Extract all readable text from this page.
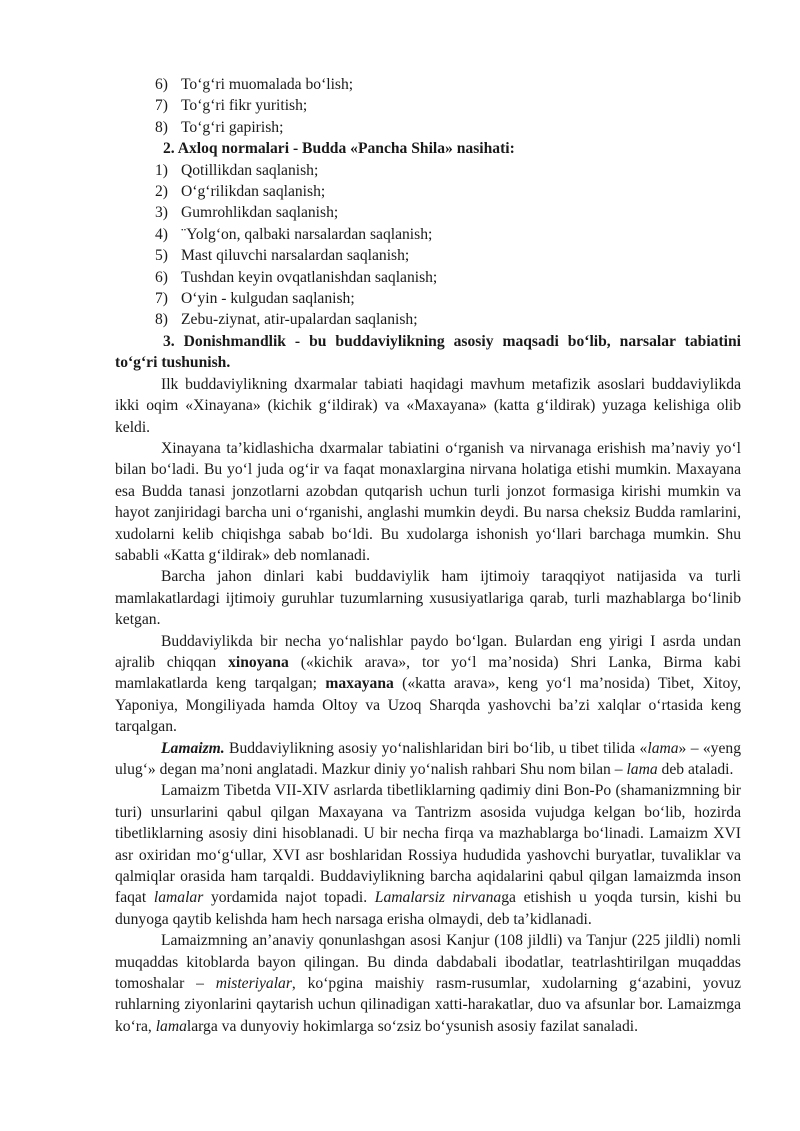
6) To‘g‘ri muomalada bo‘lish;
7) To‘g‘ri fikr yuritish;
8) To‘g‘ri gapirish;
2. Axloq normalari - Budda «Pancha Shila» nasihati:
1) Qotillikdan saqlanish;
2) O‘g‘rilikdan saqlanish;
3) Gumrohlikdan saqlanish;
4) ¨Yolg‘on, qalbaki narsalardan saqlanish;
5) Mast qiluvchi narsalardan saqlanish;
6) Tushdan keyin ovqatlanishdan saqlanish;
7) O‘yin - kulgudan saqlanish;
8) Zebu-ziynat, atir-upalardan saqlanish;
3. Donishmandlik - bu buddaviylikning asosiy maqsadi bo‘lib, narsalar tabiatini to‘g‘ri tushunish.

Ilk buddaviylikning dxarmalar tabiati haqidagi mavhum metafizik asoslari buddaviylikda ikki oqim «Xinayana» (kichik g‘ildirak) va «Maxayana» (katta g‘ildirak) yuzaga kelishiga olib keldi.

Xinayana ta’kidlashicha dxarmalar tabiatini o‘rganish va nirvanaga erishish ma’naviy yo‘l bilan bo‘ladi. Bu yo‘l juda og‘ir va faqat monaxlargina nirvana holatiga etishi mumkin. Maxayana esa Budda tanasi jonzotlarni azobdan qutqarish uchun turli jonzot formasiga kirishi mumkin va hayot zanjiridagi barcha uni o‘rganishi, anglashi mumkin deydi. Bu narsa cheksiz Budda ramlarini, xudolarni kelib chiqishga sabab bo‘ldi. Bu xudolarga ishonish yo‘llari barchaga mumkin. Shu sababli «Katta g‘ildirak» deb nomlanadi.

Barcha jahon dinlari kabi buddaviylik ham ijtimoiy taraqqiyot natijasida va turli mamlakatlardagi ijtimoiy guruhlar tuzumlarning xususiyatlariga qarab, turli mazhablarga bo‘linib ketgan.

Buddaviylikda bir necha yo‘nalishlar paydo bo‘lgan. Bulardan eng yirigi I asrda undan ajralib chiqqan xinoyana («kichik arava», tor yo‘l ma’nosida) Shri Lanka, Birma kabi mamlakatlarda keng tarqalgan; maxayana («katta arava», keng yo‘l ma’nosida) Tibet, Xitoy, Yaponiya, Mongiliyada hamda Oltoy va Uzoq Sharqda yashovchi ba’zi xalqlar o‘rtasida keng tarqalgan.

Lamaizm. Buddaviylikning asosiy yo‘nalishlaridan biri bo‘lib, u tibet tilida «lama» – «yeng ulug‘» degan ma’noni anglatadi. Mazkur diniy yo‘nalish rahbari Shu nom bilan – lama deb ataladi.

Lamaizm Tibetda VII-XIV asrlarda tibetliklarning qadimiy dini Bon-Po (shamanizmning bir turi) unsurlarini qabul qilgan Maxayana va Tantrizm asosida vujudga kelgan bo‘lib, hozirda tibetliklarning asosiy dini hisoblanadi. U bir necha firqa va mazhablarga bo‘linadi. Lamaizm XVI asr oxiridan mo‘g‘ullar, XVI asr boshlaridan Rossiya hududida yashovchi buryatlar, tuvaliklar va qalmiqlar orasida ham tarqaldi. Buddaviylikning barcha aqidalarini qabul qilgan lamaizmda inson faqat lamalar yordamida najot topadi. Lamalarsiz nirvanaga etishish u yoqda tursin, kishi bu dunyoga qaytib kelishda ham hech narsaga erisha olmaydi, deb ta’kidlanadi.

Lamaizmning an’anaviy qonunlashgan asosi Kanjur (108 jildli) va Tanjur (225 jildli) nomli muqaddas kitoblarda bayon qilingan. Bu dinda dabdabali ibodatlar, teatrlashtirilgan muqaddas tomoshalar – misteriyalar, ko‘pgina maishiy rasm-rusumlar, xudolarning g‘azabini, yovuz ruhlarning ziyonlarini qaytarish uchun qilinadigan xatti-harakatlar, duo va afsunlar bor. Lamaizmga ko‘ra, lamalarga va dunyoviy hokimlarga so‘zsiz bo‘ysunish asosiy fazilat sanaladi.
